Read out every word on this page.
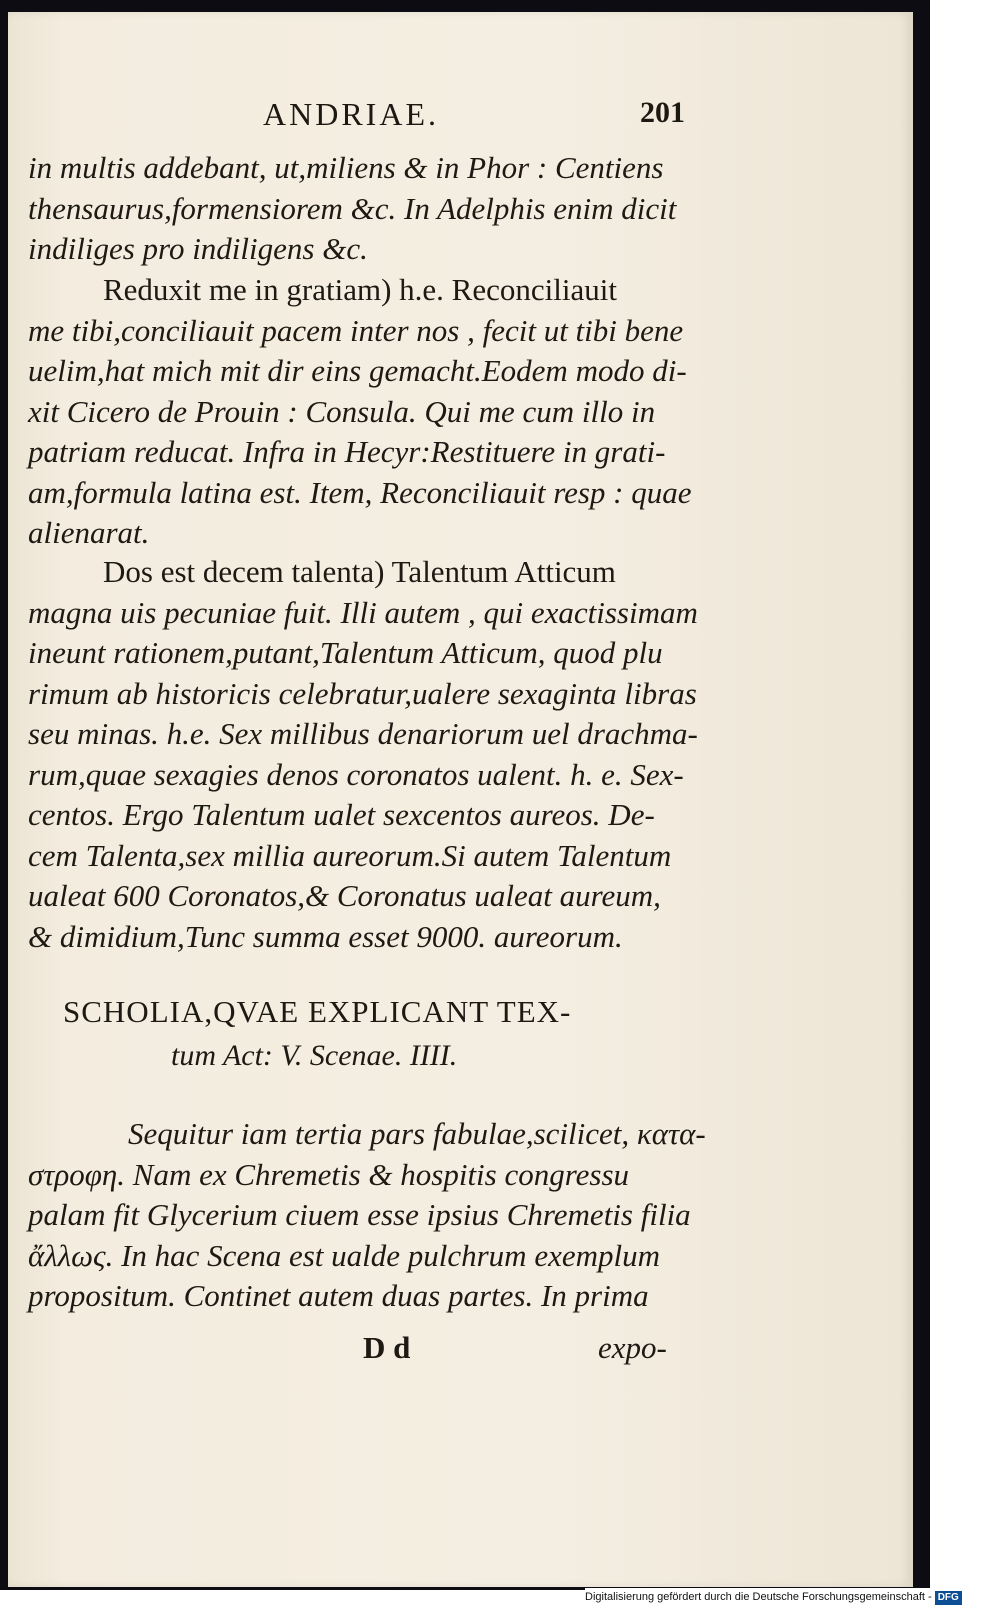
ANDRIAE.	201
in multis addebant, ut,miliens & in Phor : Centiens
thensaurus,formensiorem &c. In Adelphis enim dicit
indiliges pro indiligens &c.
Reduxit me in gratiam) h.e. Reconciliauit
me tibi,conciliauit pacem inter nos , fecit ut tibi bene
uelim,hat mich mit dir eins gemacht.Eodem modo di-
xit Cicero de Prouin : Consula. Qui me cum illo in
patriam reducat. Infra in Hecyr:Restituere in grati-
am,formula latina est. Item, Reconciliauit resp : quae
alienarat.
Dos est decem talenta) Talentum Atticum
magna uis pecuniae fuit. Illi autem , qui exactissimam
ineunt rationem,putant,Talentum Atticum, quod plu
rimum ab historicis celebratur,ualere sexaginta libras
seu minas. h.e. Sex millibus denariorum uel drachma-
rum,quae sexagies denos coronatos ualent. h. e. Sex-
centos. Ergo Talentum ualet sexcentos aureos. De-
cem Talenta,sex millia aureorum.Si autem Talentum
ualeat 600 Coronatos,& Coronatus ualeat aureum,
& dimidium,Tunc summa esset 9000. aureorum.
SCHOLIA,QVAE EXPLICANT TEX-
tum Act: V. Scenae. IIII.
Sequitur iam tertia pars fabulae,scilicet, κατα-
στροφη. Nam ex Chremetis & hospitis congressu
palam fit Glycerium ciuem esse ipsius Chremetis filia
ἄλλως. In hac Scena est ualde pulchrum exemplum
propositum. Continet autem duas partes. In prima
D d	expo-
Digitalisierung gefördert durch die Deutsche Forschungsgemeinschaft - DFG
